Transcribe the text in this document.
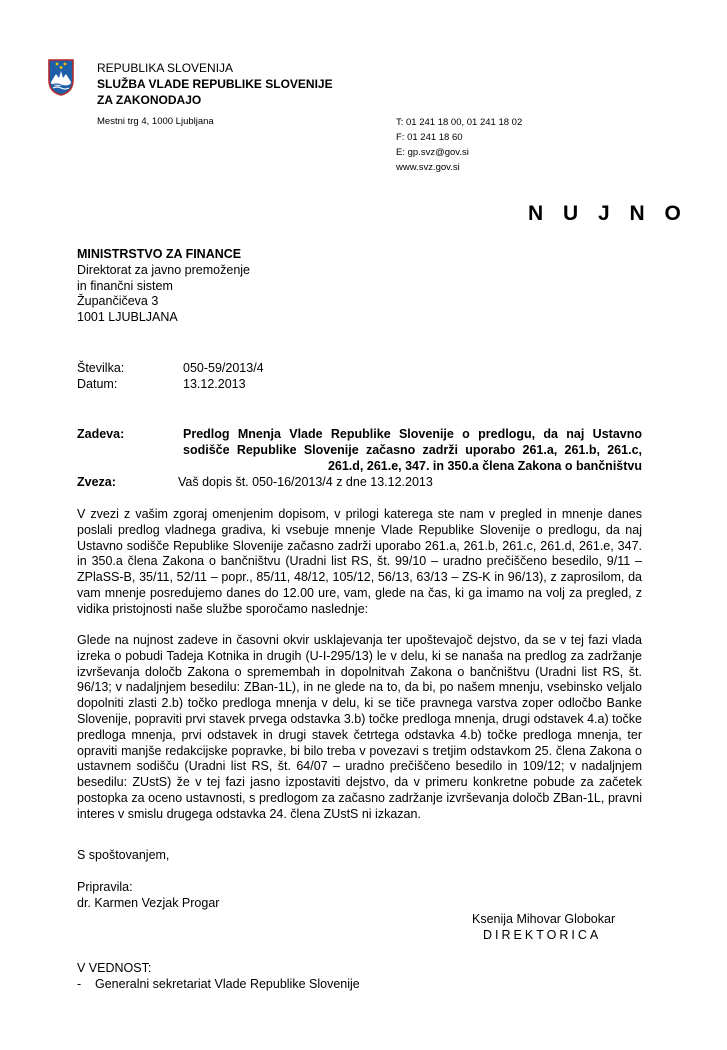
REPUBLIKA SLOVENIJA
SLUŽBA VLADE REPUBLIKE SLOVENIJE
ZA ZAKONODAJO
Mestni trg 4, 1000 Ljubljana	T: 01 241 18 00, 01 241 18 02
F: 01 241 18 60
E: gp.svz@gov.si
www.svz.gov.si
N U J N O
MINISTRSTVO ZA FINANCE
Direktorat za javno premoženje
in finančni sistem
Župančičeva 3
1001 LJUBLJANA
Številka:	050-59/2013/4
Datum:	13.12.2013
Zadeva:	Predlog Mnenja Vlade Republike Slovenije o predlogu, da naj Ustavno
sodišče Republike Slovenije začasno zadrži uporabo 261.a, 261.b, 261.c,
261.d, 261.e, 347. in 350.a člena Zakona o bančništvu
Zveza:	Vaš dopis št. 050-16/2013/4 z dne 13.12.2013
V zvezi z vašim zgoraj omenjenim dopisom, v prilogi katerega ste nam v pregled in mnenje danes
poslali predlog vladnega gradiva, ki vsebuje mnenje Vlade Republike Slovenije o predlogu, da naj
Ustavno sodišče Republike Slovenije začasno zadrži uporabo 261.a, 261.b, 261.c, 261.d, 261.e, 347.
in 350.a člena Zakona o bančništvu (Uradni list RS, št. 99/10 – uradno prečiščeno besedilo, 9/11 –
ZPlaSS-B, 35/11, 52/11 – popr., 85/11, 48/12, 105/12, 56/13, 63/13 – ZS-K in 96/13), z zaprosilom, da
vam mnenje posredujemo danes do 12.00 ure, vam, glede na čas, ki ga imamo na volj za pregled, z
vidika pristojnosti naše službe sporočamo naslednje:
Glede na nujnost zadeve in časovni okvir usklajevanja ter upoštevajoč dejstvo, da se v tej fazi vlada
izreka o pobudi Tadeja Kotnika in drugih (U-I-295/13) le v delu, ki se nanaša na predlog za zadržanje
izvrševanja določb Zakona o spremembah in dopolnitvah Zakona o bančništvu (Uradni list RS, št.
96/13; v nadaljnjem besedilu: ZBan-1L), in ne glede na to, da bi, po našem mnenju, vsebinsko veljalo
dopolniti zlasti 2.b) točko predloga mnenja v delu, ki se tiče pravnega varstva zoper odločbo Banke
Slovenije, popraviti prvi stavek prvega odstavka 3.b) točke predloga mnenja, drugi odstavek 4.a) točke
predloga mnenja, prvi odstavek in drugi stavek četrtega odstavka 4.b) točke predloga mnenja, ter
opraviti manjše redakcijske popravke, bi bilo treba v povezavi s tretjim odstavkom 25. člena Zakona o
ustavnem sodišču (Uradni list RS, št. 64/07 – uradno prečiščeno besedilo in 109/12; v nadaljnjem
besedilu: ZUstS) že v tej fazi jasno izpostaviti dejstvo, da v primeru konkretne pobude za začetek
postopka za oceno ustavnosti, s predlogom za začasno zadržanje izvrševanja določb ZBan-1L, pravni
interes v smislu drugega odstavka 24. člena ZUstS ni izkazan.
S spoštovanjem,
Pripravila:
dr. Karmen Vezjak Progar
Ksenija Mihovar Globokar
DIREKTORICA
V VEDNOST:
- Generalni sekretariat Vlade Republike Slovenije
